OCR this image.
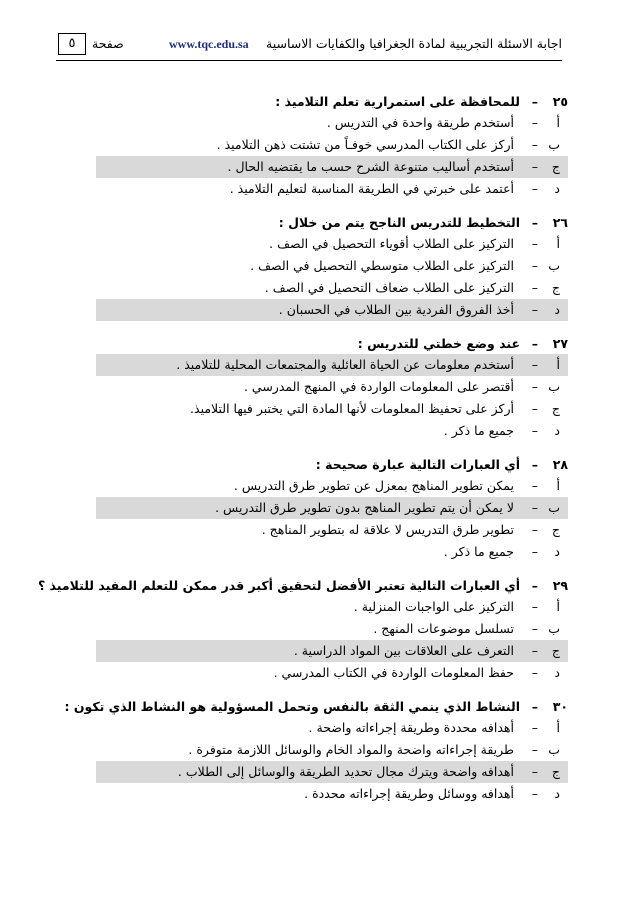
اجابة الاسئلة التجريبية لمادة الجغرافيا والكفايات الاساسية
www.tqc.edu.sa
صفحة
٥
٢٥
–
للمحافظة على استمرارية تعلم التلاميذ :
أ
–
أستخدم طريقة واحدة في التدريس .
ب
–
أركز على الكتاب المدرسي خوفـاً من تشتت ذهن التلاميذ .
ج
–
أستخدم أساليب متنوعة الشرح حسب ما يقتضيه الحال .
د
–
أعتمد على خبرتي في الطريقة المناسبة لتعليم التلاميذ .
٢٦
–
التخطيط للتدريس الناجح يتم من خلال :
أ
–
التركيز على الطلاب أقوياء التحصيل في الصف .
ب
–
التركيز على الطلاب متوسطي التحصيل في الصف .
ج
–
التركيز على الطلاب ضعاف التحصيل في الصف .
د
–
أخذ الفروق الفردية بين الطلاب في الحسبان .
٢٧
–
عند وضع خطتي للتدريس :
أ
–
أستخدم معلومات عن الحياة العائلية والمجتمعات المحلية للتلاميذ .
ب
–
أقتصر على المعلومات الواردة في المنهج المدرسي .
ج
–
أركز على تحفيظ المعلومات لأنها المادة التي يختبر فيها التلاميذ.
د
–
جميع ما ذكر .
٢٨
–
أي العبارات التالية عبارة صحيحة :
أ
–
يمكن تطوير المناهج بمعزل عن تطوير طرق التدريس .
ب
–
لا يمكن أن يتم تطوير المناهج بدون تطوير طرق التدريس .
ج
–
تطوير طرق التدريس لا علاقة له بتطوير المناهج .
د
–
جميع ما ذكر .
٢٩
–
أي العبارات التالية تعتبر الأفضل لتحقيق أكبر قدر ممكن للتعلم المفيد للتلاميذ ؟
أ
–
التركيز على الواجبات المنزلية .
ب
–
تسلسل موضوعات المنهج .
ج
–
التعرف على العلاقات بين المواد الدراسية .
د
–
حفظ المعلومات الواردة في الكتاب المدرسي .
٣٠
–
النشاط الذي ينمي الثقة بالنفس وتحمل المسؤولية هو النشاط الذي تكون :
أ
–
أهدافه محددة وطريقة إجراءاته واضحة .
ب
–
طريقة إجراءاته واضحة والمواد الخام والوسائل اللازمة متوفرة .
ج
–
أهدافه واضحة ويترك مجال تحديد الطريقة والوسائل إلى الطلاب .
د
–
أهدافه ووسائل وطريقة إجراءاته محددة .
